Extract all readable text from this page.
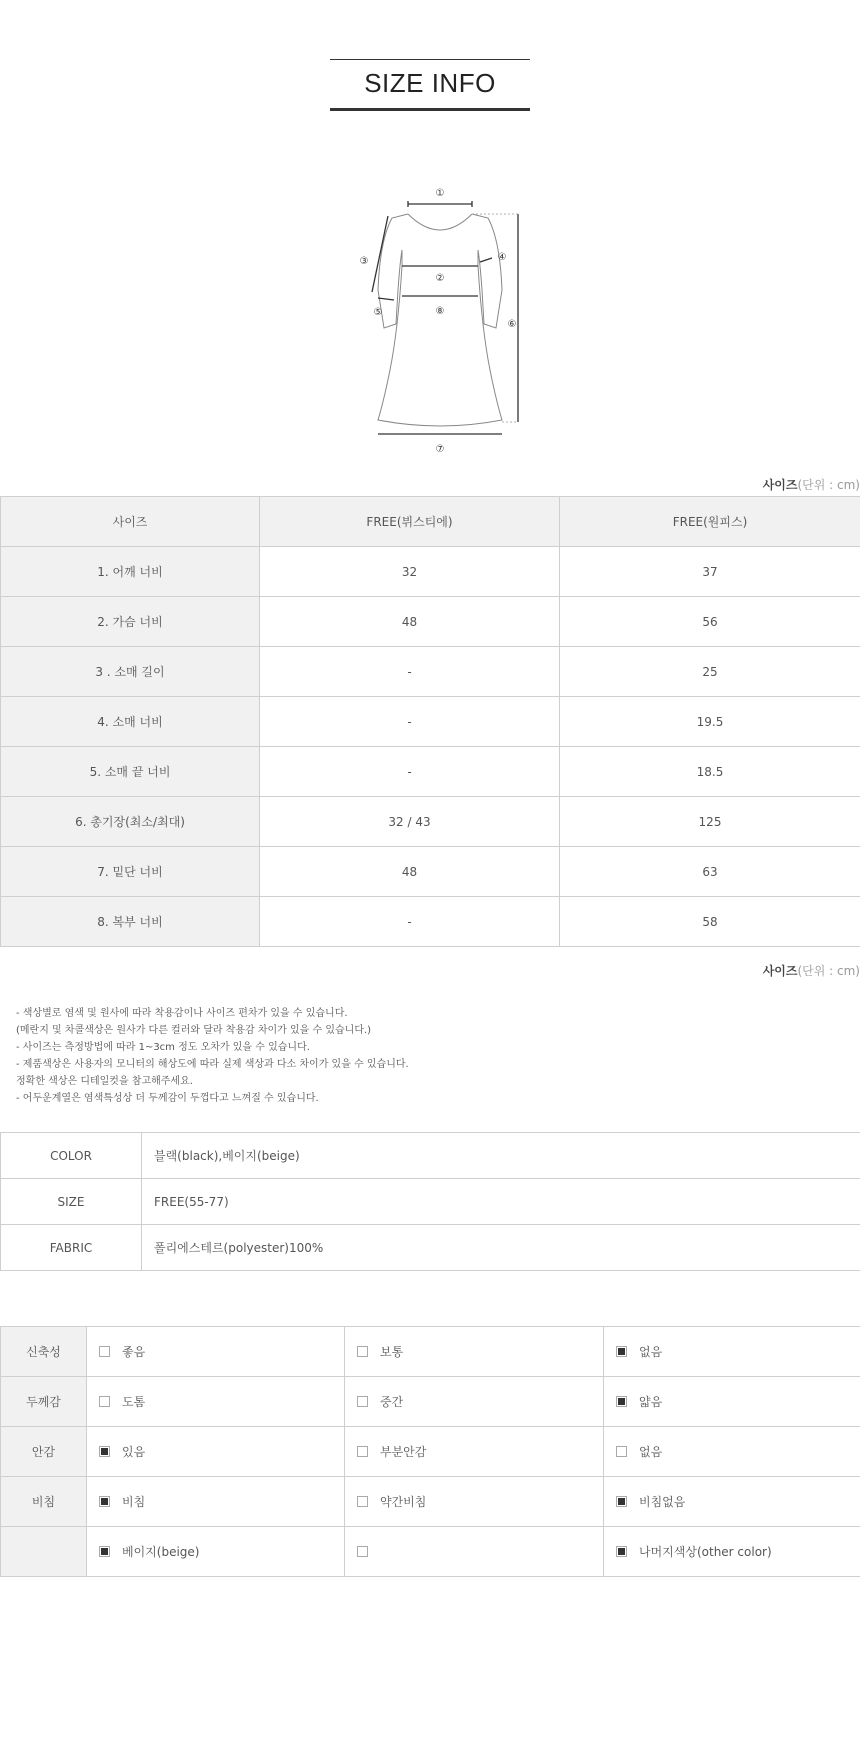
SIZE INFO
①
②
③	④
⑤
⑥
⑦
⑧
사이즈(단위 : cm)
사이즈	FREE(뷔스티에)	FREE(원피스)
1. 어깨 너비	32	37
2. 가슴 너비	48	56
3 . 소매 길이	-	25
4. 소매 너비	-	19.5
5. 소매 끝 너비	-	18.5
6. 총기장(최소/최대)	32 / 43	125
7. 밑단 너비	48	63
8. 복부 너비	-	58
사이즈(단위 : cm)
- 색상별로 염색 및 원사에 따라 착용감이나 사이즈 편차가 있을 수 있습니다.
(메란지 및 차콜색상은 원사가 다른 컬러와 달라 착용감 차이가 있을 수 있습니다.)
- 사이즈는 측정방법에 따라 1~3cm 정도 오차가 있을 수 있습니다.
- 제품색상은 사용자의 모니터의 해상도에 따라 실제 색상과 다소 차이가 있을 수 있습니다.
정확한 색상은 디테일컷을 참고해주세요.
- 어두운계열은 염색특성상 더 두께감이 두껍다고 느껴질 수 있습니다.
COLOR	블랙(black),베이지(beige)
SIZE	FREE(55-77)
FABRIC	폴리에스테르(polyester)100%
신축성	좋음	보통	없음
두께감	도톰	중간	얇음
안감	있음	부분안감	없음
비침	비침	약간비침	비침없음
	베이지(beige)		나머지색상(other color)
